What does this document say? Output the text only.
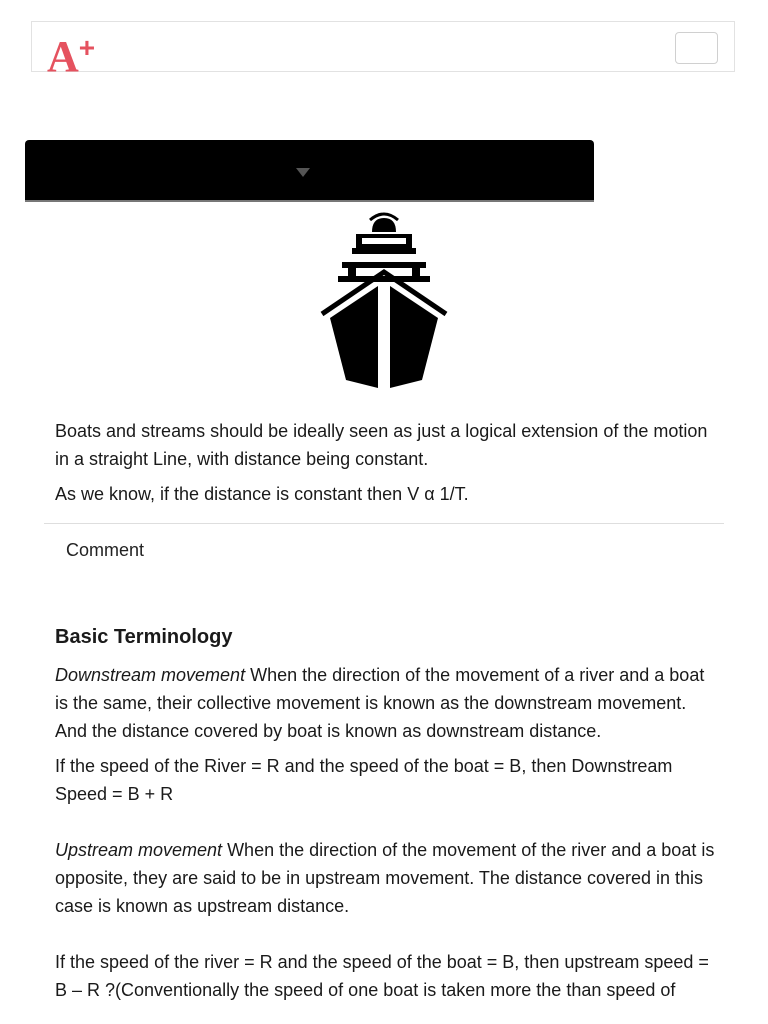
A+

Boats and streams should be ideally seen as just a logical extension of the motion in a straight Line, with distance being constant.

As we know, if the distance is constant then V α 1/T.

Comment
Basic Terminology

Downstream movement When the direction of the movement of a river and a boat is the same, their collective movement is known as the downstream movement. And the distance covered by boat is known as downstream distance.

If the speed of the River = R and the speed of the boat = B, then Downstream Speed = B + R

Upstream movement When the direction of the movement of the river and a boat is opposite, they are said to be in upstream movement. The distance covered in this case is known as upstream distance.

If the speed of the river = R and the speed of the boat = B, then upstream speed = B – R ?(Conventionally the speed of one boat is taken more the than speed of
